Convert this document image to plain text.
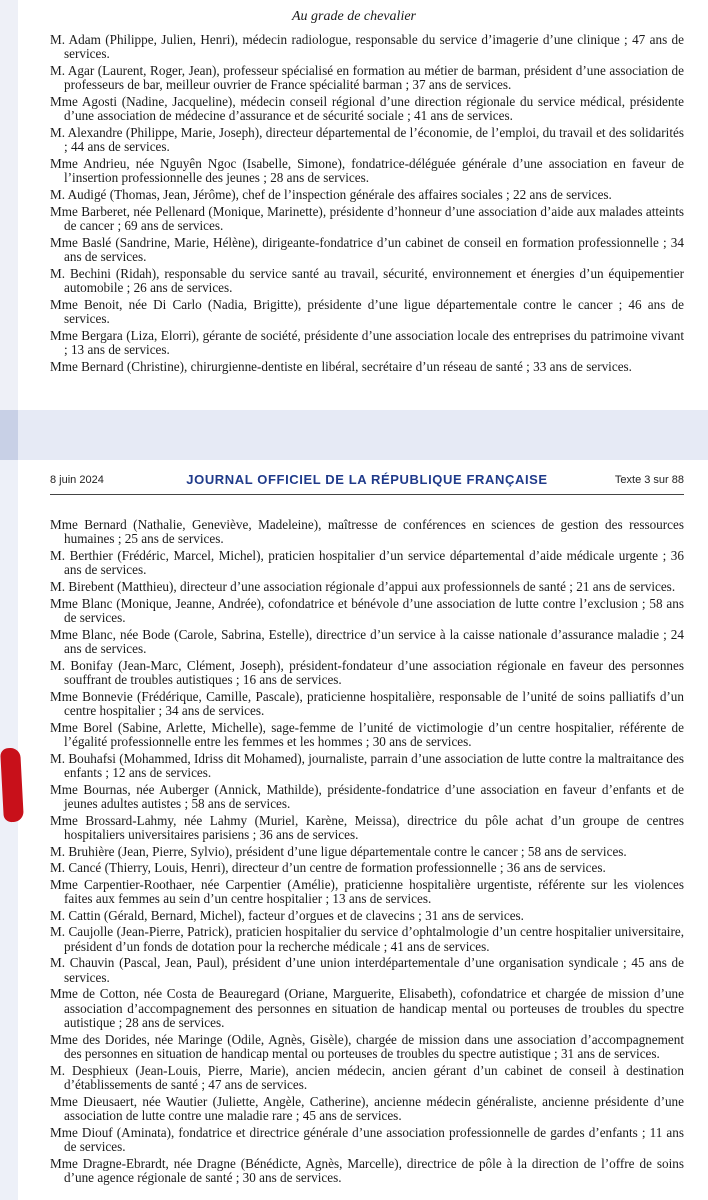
Au grade de chevalier

M. Adam (Philippe, Julien, Henri), médecin radiologue, responsable du service d’imagerie d’une clinique ; 47 ans de services.

M. Agar (Laurent, Roger, Jean), professeur spécialisé en formation au métier de barman, président d’une association de professeurs de bar, meilleur ouvrier de France spécialité barman ; 37 ans de services.

Mme Agosti (Nadine, Jacqueline), médecin conseil régional d’une direction régionale du service médical, présidente d’une association de médecine d’assurance et de sécurité sociale ; 41 ans de services.

M. Alexandre (Philippe, Marie, Joseph), directeur départemental de l’économie, de l’emploi, du travail et des solidarités ; 44 ans de services.

Mme Andrieu, née Nguyên Ngoc (Isabelle, Simone), fondatrice-déléguée générale d’une association en faveur de l’insertion professionnelle des jeunes ; 28 ans de services.

M. Audigé (Thomas, Jean, Jérôme), chef de l’inspection générale des affaires sociales ; 22 ans de services.

Mme Barberet, née Pellenard (Monique, Marinette), présidente d’honneur d’une association d’aide aux malades atteints de cancer ; 69 ans de services.

Mme Baslé (Sandrine, Marie, Hélène), dirigeante-fondatrice d’un cabinet de conseil en formation professionnelle ; 34 ans de services.

M. Bechini (Ridah), responsable du service santé au travail, sécurité, environnement et énergies d’un équipementier automobile ; 26 ans de services.

Mme Benoit, née Di Carlo (Nadia, Brigitte), présidente d’une ligue départementale contre le cancer ; 46 ans de services.

Mme Bergara (Liza, Elorri), gérante de société, présidente d’une association locale des entreprises du patrimoine vivant ; 13 ans de services.

Mme Bernard (Christine), chirurgienne-dentiste en libéral, secrétaire d’un réseau de santé ; 33 ans de services.

8 juin 2024	JOURNAL OFFICIEL DE LA RÉPUBLIQUE FRANÇAISE	Texte 3 sur 88

Mme Bernard (Nathalie, Geneviève, Madeleine), maîtresse de conférences en sciences de gestion des ressources humaines ; 25 ans de services.

M. Berthier (Frédéric, Marcel, Michel), praticien hospitalier d’un service départemental d’aide médicale urgente ; 36 ans de services.

M. Birebent (Matthieu), directeur d’une association régionale d’appui aux professionnels de santé ; 21 ans de services.

Mme Blanc (Monique, Jeanne, Andrée), cofondatrice et bénévole d’une association de lutte contre l’exclusion ; 58 ans de services.

Mme Blanc, née Bode (Carole, Sabrina, Estelle), directrice d’un service à la caisse nationale d’assurance maladie ; 24 ans de services.

M. Bonifay (Jean-Marc, Clément, Joseph), président-fondateur d’une association régionale en faveur des personnes souffrant de troubles autistiques ; 16 ans de services.

Mme Bonnevie (Frédérique, Camille, Pascale), praticienne hospitalière, responsable de l’unité de soins palliatifs d’un centre hospitalier ; 34 ans de services.

Mme Borel (Sabine, Arlette, Michelle), sage-femme de l’unité de victimologie d’un centre hospitalier, référente de l’égalité professionnelle entre les femmes et les hommes ; 30 ans de services.

M. Bouhafsi (Mohammed, Idriss dit Mohamed), journaliste, parrain d’une association de lutte contre la maltraitance des enfants ; 12 ans de services.

Mme Bournas, née Auberger (Annick, Mathilde), présidente-fondatrice d’une association en faveur d’enfants et de jeunes adultes autistes ; 58 ans de services.

Mme Brossard-Lahmy, née Lahmy (Muriel, Karène, Meissa), directrice du pôle achat d’un groupe de centres hospitaliers universitaires parisiens ; 36 ans de services.

M. Bruhière (Jean, Pierre, Sylvio), président d’une ligue départementale contre le cancer ; 58 ans de services.

M. Cancé (Thierry, Louis, Henri), directeur d’un centre de formation professionnelle ; 36 ans de services.

Mme Carpentier-Roothaer, née Carpentier (Amélie), praticienne hospitalière urgentiste, référente sur les violences faites aux femmes au sein d’un centre hospitalier ; 13 ans de services.

M. Cattin (Gérald, Bernard, Michel), facteur d’orgues et de clavecins ; 31 ans de services.

M. Caujolle (Jean-Pierre, Patrick), praticien hospitalier du service d’ophtalmologie d’un centre hospitalier universitaire, président d’un fonds de dotation pour la recherche médicale ; 41 ans de services.

M. Chauvin (Pascal, Jean, Paul), président d’une union interdépartementale d’une organisation syndicale ; 45 ans de services.

Mme de Cotton, née Costa de Beauregard (Oriane, Marguerite, Elisabeth), cofondatrice et chargée de mission d’une association d’accompagnement des personnes en situation de handicap mental ou porteuses de troubles du spectre autistique ; 28 ans de services.

Mme des Dorides, née Maringe (Odile, Agnès, Gisèle), chargée de mission dans une association d’accompagnement des personnes en situation de handicap mental ou porteuses de troubles du spectre autistique ; 31 ans de services.

M. Desphieux (Jean-Louis, Pierre, Marie), ancien médecin, ancien gérant d’un cabinet de conseil à destination d’établissements de santé ; 47 ans de services.

Mme Dieusaert, née Wautier (Juliette, Angèle, Catherine), ancienne médecin généraliste, ancienne présidente d’une association de lutte contre une maladie rare ; 45 ans de services.

Mme Diouf (Aminata), fondatrice et directrice générale d’une association professionnelle de gardes d’enfants ; 11 ans de services.

Mme Dragne-Ebrardt, née Dragne (Bénédicte, Agnès, Marcelle), directrice de pôle à la direction de l’offre de soins d’une agence régionale de santé ; 30 ans de services.
